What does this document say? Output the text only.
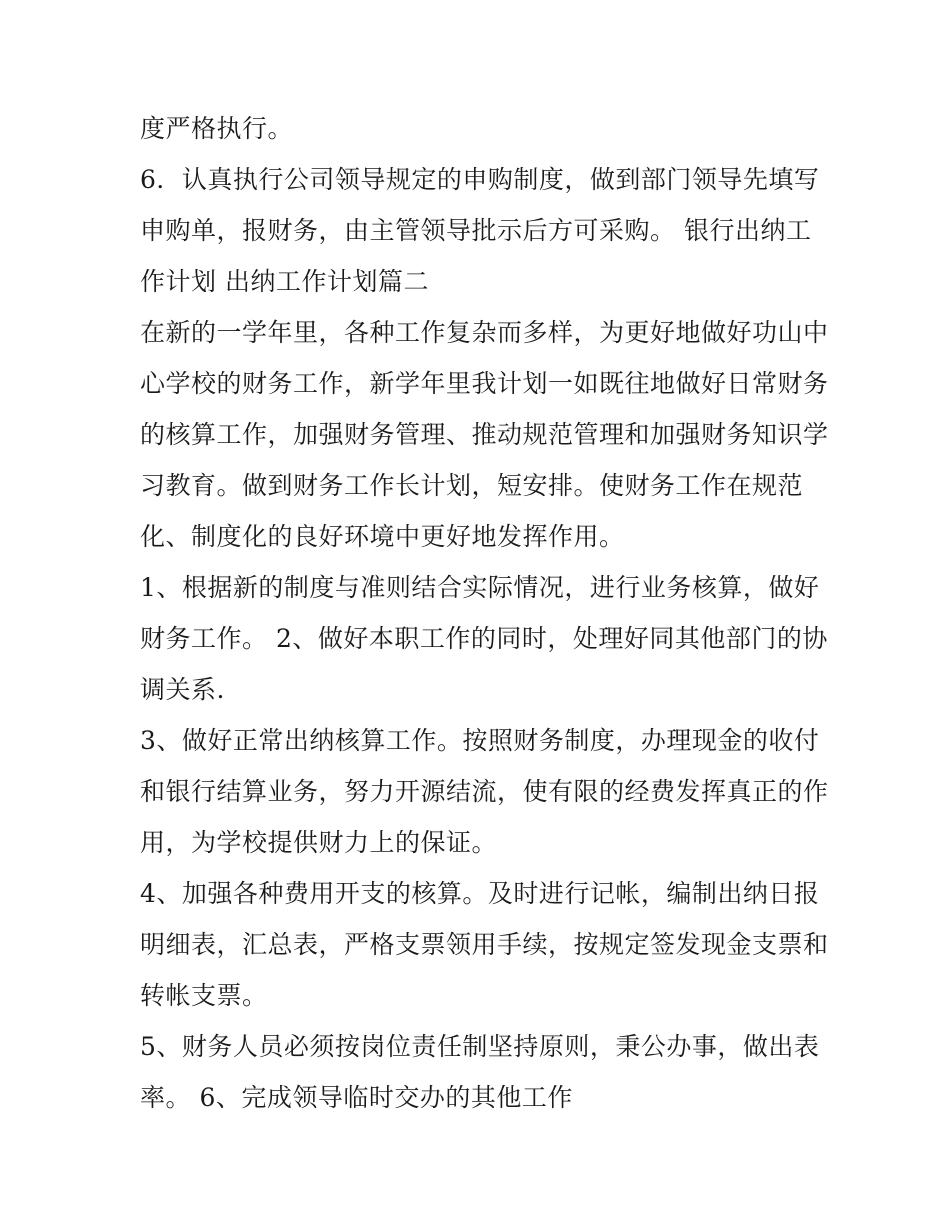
度严格执行。
6．认真执行公司领导规定的申购制度，做到部门领导先填写
申购单，报财务，由主管领导批示后方可采购。 银行出纳工
作计划 出纳工作计划篇二
在新的一学年里，各种工作复杂而多样，为更好地做好功山中
心学校的财务工作，新学年里我计划一如既往地做好日常财务
的核算工作，加强财务管理、推动规范管理和加强财务知识学
习教育。做到财务工作长计划，短安排。使财务工作在规范
化、制度化的良好环境中更好地发挥作用。
1、根据新的制度与准则结合实际情况，进行业务核算，做好
财务工作。 2、做好本职工作的同时，处理好同其他部门的协
调关系.
3、做好正常出纳核算工作。按照财务制度，办理现金的收付
和银行结算业务，努力开源结流，使有限的经费发挥真正的作
用，为学校提供财力上的保证。
4、加强各种费用开支的核算。及时进行记帐，编制出纳日报
明细表，汇总表，严格支票领用手续，按规定签发现金支票和
转帐支票。
5、财务人员必须按岗位责任制坚持原则，秉公办事，做出表
率。 6、完成领导临时交办的其他工作
